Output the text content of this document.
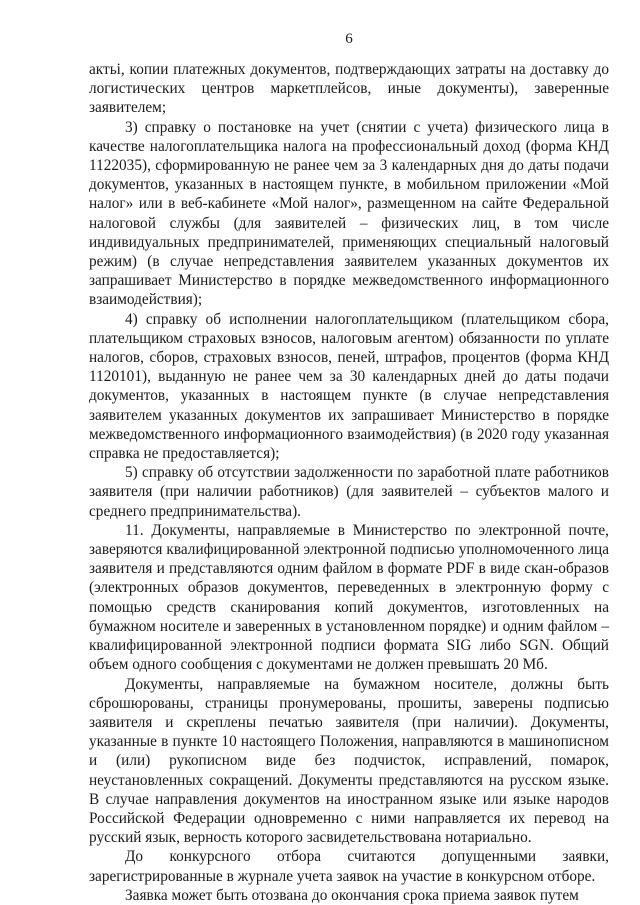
6

актьі, копии платежных документов, подтверждающих затраты на доставку до логистических центров маркетплейсов, иные документы), заверенные заявителем;

3) справку о постановке на учет (снятии с учета) физического лица в качестве налогоплательщика налога на профессиональный доход (форма КНД 1122035), сформированную не ранее чем за 3 календарных дня до даты подачи документов, указанных в настоящем пункте, в мобильном приложении «Мой налог» или в веб-кабинете «Мой налог», размещенном на сайте Федеральной налоговой службы (для заявителей – физических лиц, в том числе индивидуальных предпринимателей, применяющих специальный налоговый режим) (в случае непредставления заявителем указанных документов их запрашивает Министерство в порядке межведомственного информационного взаимодействия);

4) справку об исполнении налогоплательщиком (плательщиком сбора, плательщиком страховых взносов, налоговым агентом) обязанности по уплате налогов, сборов, страховых взносов, пеней, штрафов, процентов (форма КНД 1120101), выданную не ранее чем за 30 календарных дней до даты подачи документов, указанных в настоящем пункте (в случае непредставления заявителем указанных документов их запрашивает Министерство в порядке межведомственного информационного взаимодействия) (в 2020 году указанная справка не предоставляется);

5) справку об отсутствии задолженности по заработной плате работников заявителя (при наличии работников) (для заявителей – субъектов малого и среднего предпринимательства).

11. Документы, направляемые в Министерство по электронной почте, заверяются квалифицированной электронной подписью уполномоченного лица заявителя и представляются одним файлом в формате PDF в виде скан-образов (электронных образов документов, переведенных в электронную форму с помощью средств сканирования копий документов, изготовленных на бумажном носителе и заверенных в установленном порядке) и одним файлом – квалифицированной электронной подписи формата SIG либо SGN. Общий объем одного сообщения с документами не должен превышать 20 Мб.

Документы, направляемые на бумажном носителе, должны быть сброшюрованы, страницы пронумерованы, прошиты, заверены подписью заявителя и скреплены печатью заявителя (при наличии). Документы, указанные в пункте 10 настоящего Положения, направляются в машинописном и (или) рукописном виде без подчисток, исправлений, помарок, неустановленных сокращений. Документы представляются на русском языке. В случае направления документов на иностранном языке или языке народов Российской Федерации одновременно с ними направляется их перевод на русский язык, верность которого засвидетельствована нотариально.

До конкурсного отбора считаются допущенными заявки, зарегистрированные в журнале учета заявок на участие в конкурсном отборе.

Заявка может быть отозвана до окончания срока приема заявок путем
